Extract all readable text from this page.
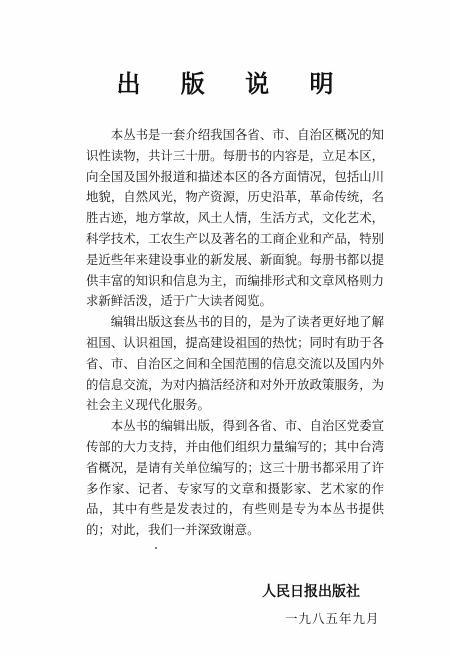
出 版 说 明

本丛书是一套介绍我国各省、市、自治区概况的知识性读物，共计三十册。每册书的内容是，立足本区，向全国及国外报道和描述本区的各方面情况，包括山川地貌，自然风光，物产资源，历史沿革，革命传统，名胜古迹，地方掌故，风土人情，生活方式，文化艺术，科学技术，工农生产以及著名的工商企业和产品，特别是近些年来建设事业的新发展、新面貌。每册书都以提供丰富的知识和信息为主，而编排形式和文章风格则力求新鲜活泼，适于广大读者阅览。

编辑出版这套丛书的目的，是为了读者更好地了解祖国、认识祖国，提高建设祖国的热忱；同时有助于各省、市、自治区之间和全国范围的信息交流以及国内外的信息交流，为对内搞活经济和对外开放政策服务，为社会主义现代化服务。

本丛书的编辑出版，得到各省、市、自治区党委宣传部的大力支持，并由他们组织力量编写的；其中台湾省概况，是请有关单位编写的；这三十册书都采用了许多作家、记者、专家写的文章和摄影家、艺术家的作品，其中有些是发表过的，有些则是专为本丛书提供的；对此，我们一并深致谢意。

人民日报出版社
一九八五年九月
